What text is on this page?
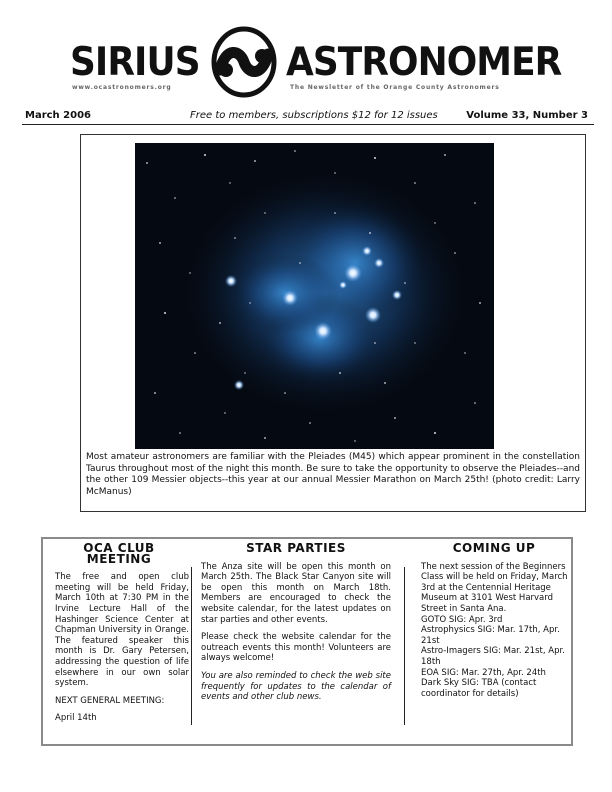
SIRIUS ASTRONOMER
www.ocastronomers.org	The Newsletter of the Orange County Astronomers
March 2006	Free to members, subscriptions $12 for 12 issues	Volume 33, Number 3
Most amateur astronomers are familiar with the Pleiades (M45) which appear prominent in the constellation Taurus throughout most of the night this month. Be sure to take the opportunity to observe the Pleiades--and the other 109 Messier objects--this year at our annual Messier Marathon on March 25th! (photo credit: Larry McManus)
OCA CLUB MEETING

The free and open club meeting will be held Friday, March 10th at 7:30 PM in the Irvine Lecture Hall of the Hashinger Science Center at Chapman University in Orange. The featured speaker this month is Dr. Gary Petersen, addressing the question of life elsewhere in our own solar system.

NEXT GENERAL MEETING:

April 14th

STAR PARTIES

The Anza site will be open this month on March 25th. The Black Star Canyon site will be open this month on March 18th. Members are encouraged to check the website calendar, for the latest updates on star parties and other events.

Please check the website calendar for the outreach events this month! Volunteers are always welcome!

You are also reminded to check the web site frequently for updates to the calendar of events and other club news.

COMING UP
The next session of the Beginners Class will be held on Friday, March 3rd at the Centennial Heritage Museum at 3101 West Harvard Street in Santa Ana.
GOTO SIG: Apr. 3rd
Astrophysics SIG: Mar. 17th, Apr. 21st
Astro-Imagers SIG: Mar. 21st, Apr. 18th
EOA SIG: Mar. 27th, Apr. 24th
Dark Sky SIG: TBA (contact coordinator for details)
